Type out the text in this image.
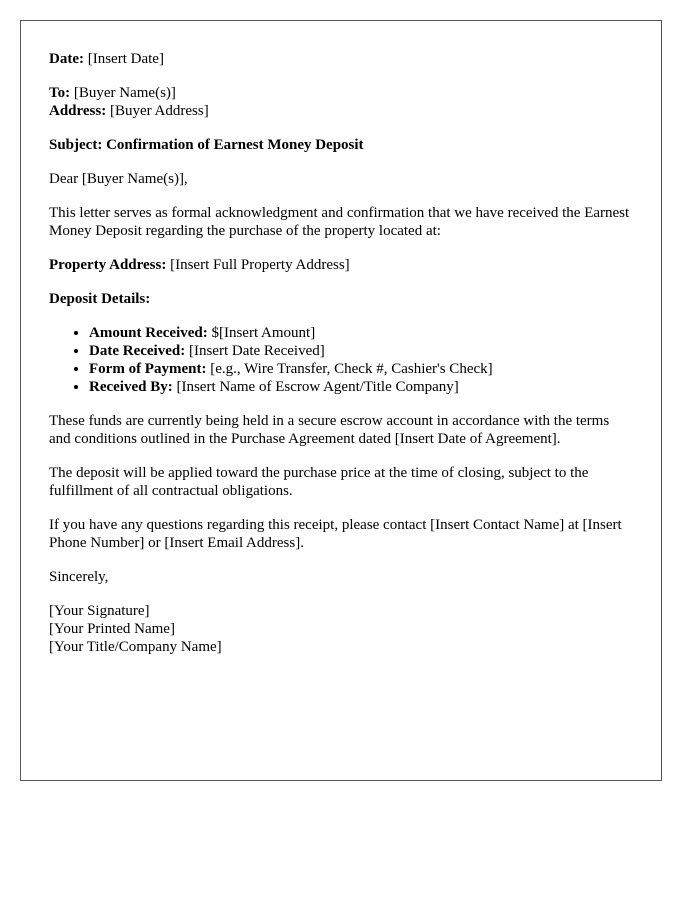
Date: [Insert Date]

To: [Buyer Name(s)]
Address: [Buyer Address]

Subject: Confirmation of Earnest Money Deposit

Dear [Buyer Name(s)],

This letter serves as formal acknowledgment and confirmation that we have received the Earnest Money Deposit regarding the purchase of the property located at:

Property Address: [Insert Full Property Address]

Deposit Details:

• Amount Received: $[Insert Amount]
• Date Received: [Insert Date Received]
• Form of Payment: [e.g., Wire Transfer, Check #, Cashier's Check]
• Received By: [Insert Name of Escrow Agent/Title Company]

These funds are currently being held in a secure escrow account in accordance with the terms and conditions outlined in the Purchase Agreement dated [Insert Date of Agreement].

The deposit will be applied toward the purchase price at the time of closing, subject to the fulfillment of all contractual obligations.

If you have any questions regarding this receipt, please contact [Insert Contact Name] at [Insert Phone Number] or [Insert Email Address].

Sincerely,

[Your Signature]

[Your Printed Name]

[Your Title/Company Name]
